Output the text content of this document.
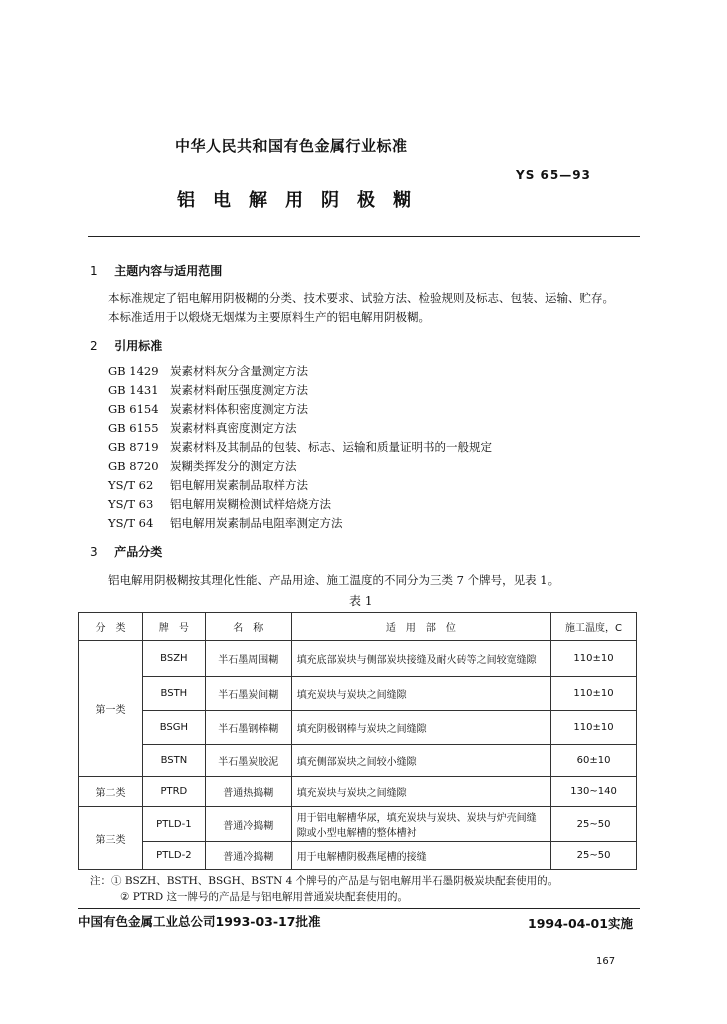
中华人民共和国有色金属行业标准
YS 65—93
铝电解用阴极糊
1 主题内容与适用范围
本标准规定了铝电解用阴极糊的分类、技术要求、试验方法、检验规则及标志、包装、运输、贮存。
本标准适用于以煅烧无烟煤为主要原料生产的铝电解用阴极糊。
2 引用标准
GB 1429 炭素材料灰分含量测定方法
GB 1431 炭素材料耐压强度测定方法
GB 6154 炭素材料体积密度测定方法
GB 6155 炭素材料真密度测定方法
GB 8719 炭素材料及其制品的包装、标志、运输和质量证明书的一般规定
GB 8720 炭糊类挥发分的测定方法
YS/T 62 铝电解用炭素制品取样方法
YS/T 63 铝电解用炭糊检测试样焙烧方法
YS/T 64 铝电解用炭素制品电阻率测定方法
3 产品分类
铝电解用阴极糊按其理化性能、产品用途、施工温度的不同分为三类 7 个牌号，见表 1。
表 1
分　类	牌　号	名　称	适　用　部　位	施工温度，C
第一类	BSZH	半石墨周围糊	填充底部炭块与侧部炭块接缝及耐火砖等之间较宽缝隙	110±10
	BSTH	半石墨炭间糊	填充炭块与炭块之间缝隙	110±10
	BSGH	半石墨钢棒糊	填充阴极钢棒与炭块之间缝隙	110±10
	BSTN	半石墨炭胶泥	填充侧部炭块之间较小缝隙	60±10
第二类	PTRD	普通热捣糊	填充炭块与炭块之间缝隙	130~140
第三类	PTLD-1	普通冷捣糊	用于铝电解槽华尿，填充炭块与炭块、炭块与炉壳间缝隙或小型电解槽的整体槽衬	25~50
	PTLD-2	普通冷捣糊	用于电解槽阴极燕尾槽的接缝	25~50
注：① BSZH、BSTH、BSGH、BSTN 4 个牌号的产品是与铝电解用半石墨阴极炭块配套使用的。
② PTRD 这一牌号的产品是与铝电解用普通炭块配套使用的。
中国有色金属工业总公司1993-03-17批准	1994-04-01实施
167
